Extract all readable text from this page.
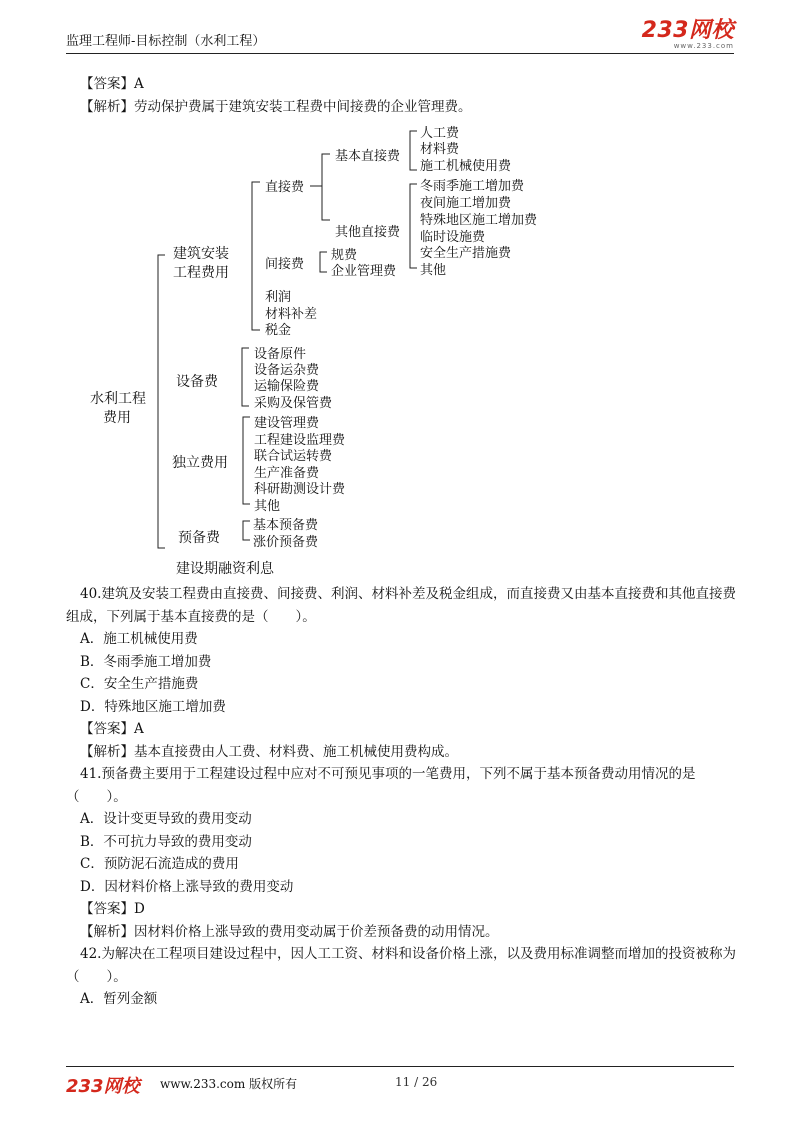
监理工程师-目标控制（水利工程）	233网校
www.233.com
【答案】A
【解析】劳动保护费属于建筑安装工程费中间接费的企业管理费。
水利工程
费用
建筑安装
工程费用
直接费
基本直接费
人工费
材料费
施工机械使用费
其他直接费
冬雨季施工增加费
夜间施工增加费
特殊地区施工增加费
临时设施费
安全生产措施费
其他
间接费
规费
企业管理费
利润
材料补差
税金
设备费
设备原件
设备运杂费
运输保险费
采购及保管费
独立费用
建设管理费
工程建设监理费
联合试运转费
生产准备费
科研勘测设计费
其他
预备费
基本预备费
涨价预备费
建设期融资利息
40.建筑及安装工程费由直接费、间接费、利润、材料补差及税金组成，而直接费又由基本直接费和其他直接费组成，下列属于基本直接费的是（　　）。
A．施工机械使用费
B．冬雨季施工增加费
C．安全生产措施费
D．特殊地区施工增加费
【答案】A
【解析】基本直接费由人工费、材料费、施工机械使用费构成。
41.预备费主要用于工程建设过程中应对不可预见事项的一笔费用，下列不属于基本预备费动用情况的是（　　）。
A．设计变更导致的费用变动
B．不可抗力导致的费用变动
C．预防泥石流造成的费用
D．因材料价格上涨导致的费用变动
【答案】D
【解析】因材料价格上涨导致的费用变动属于价差预备费的动用情况。
42.为解决在工程项目建设过程中，因人工工资、材料和设备价格上涨，以及费用标准调整而增加的投资被称为（　　）。
A．暂列金额
233网校 www.233.com 版权所有	11 / 26
